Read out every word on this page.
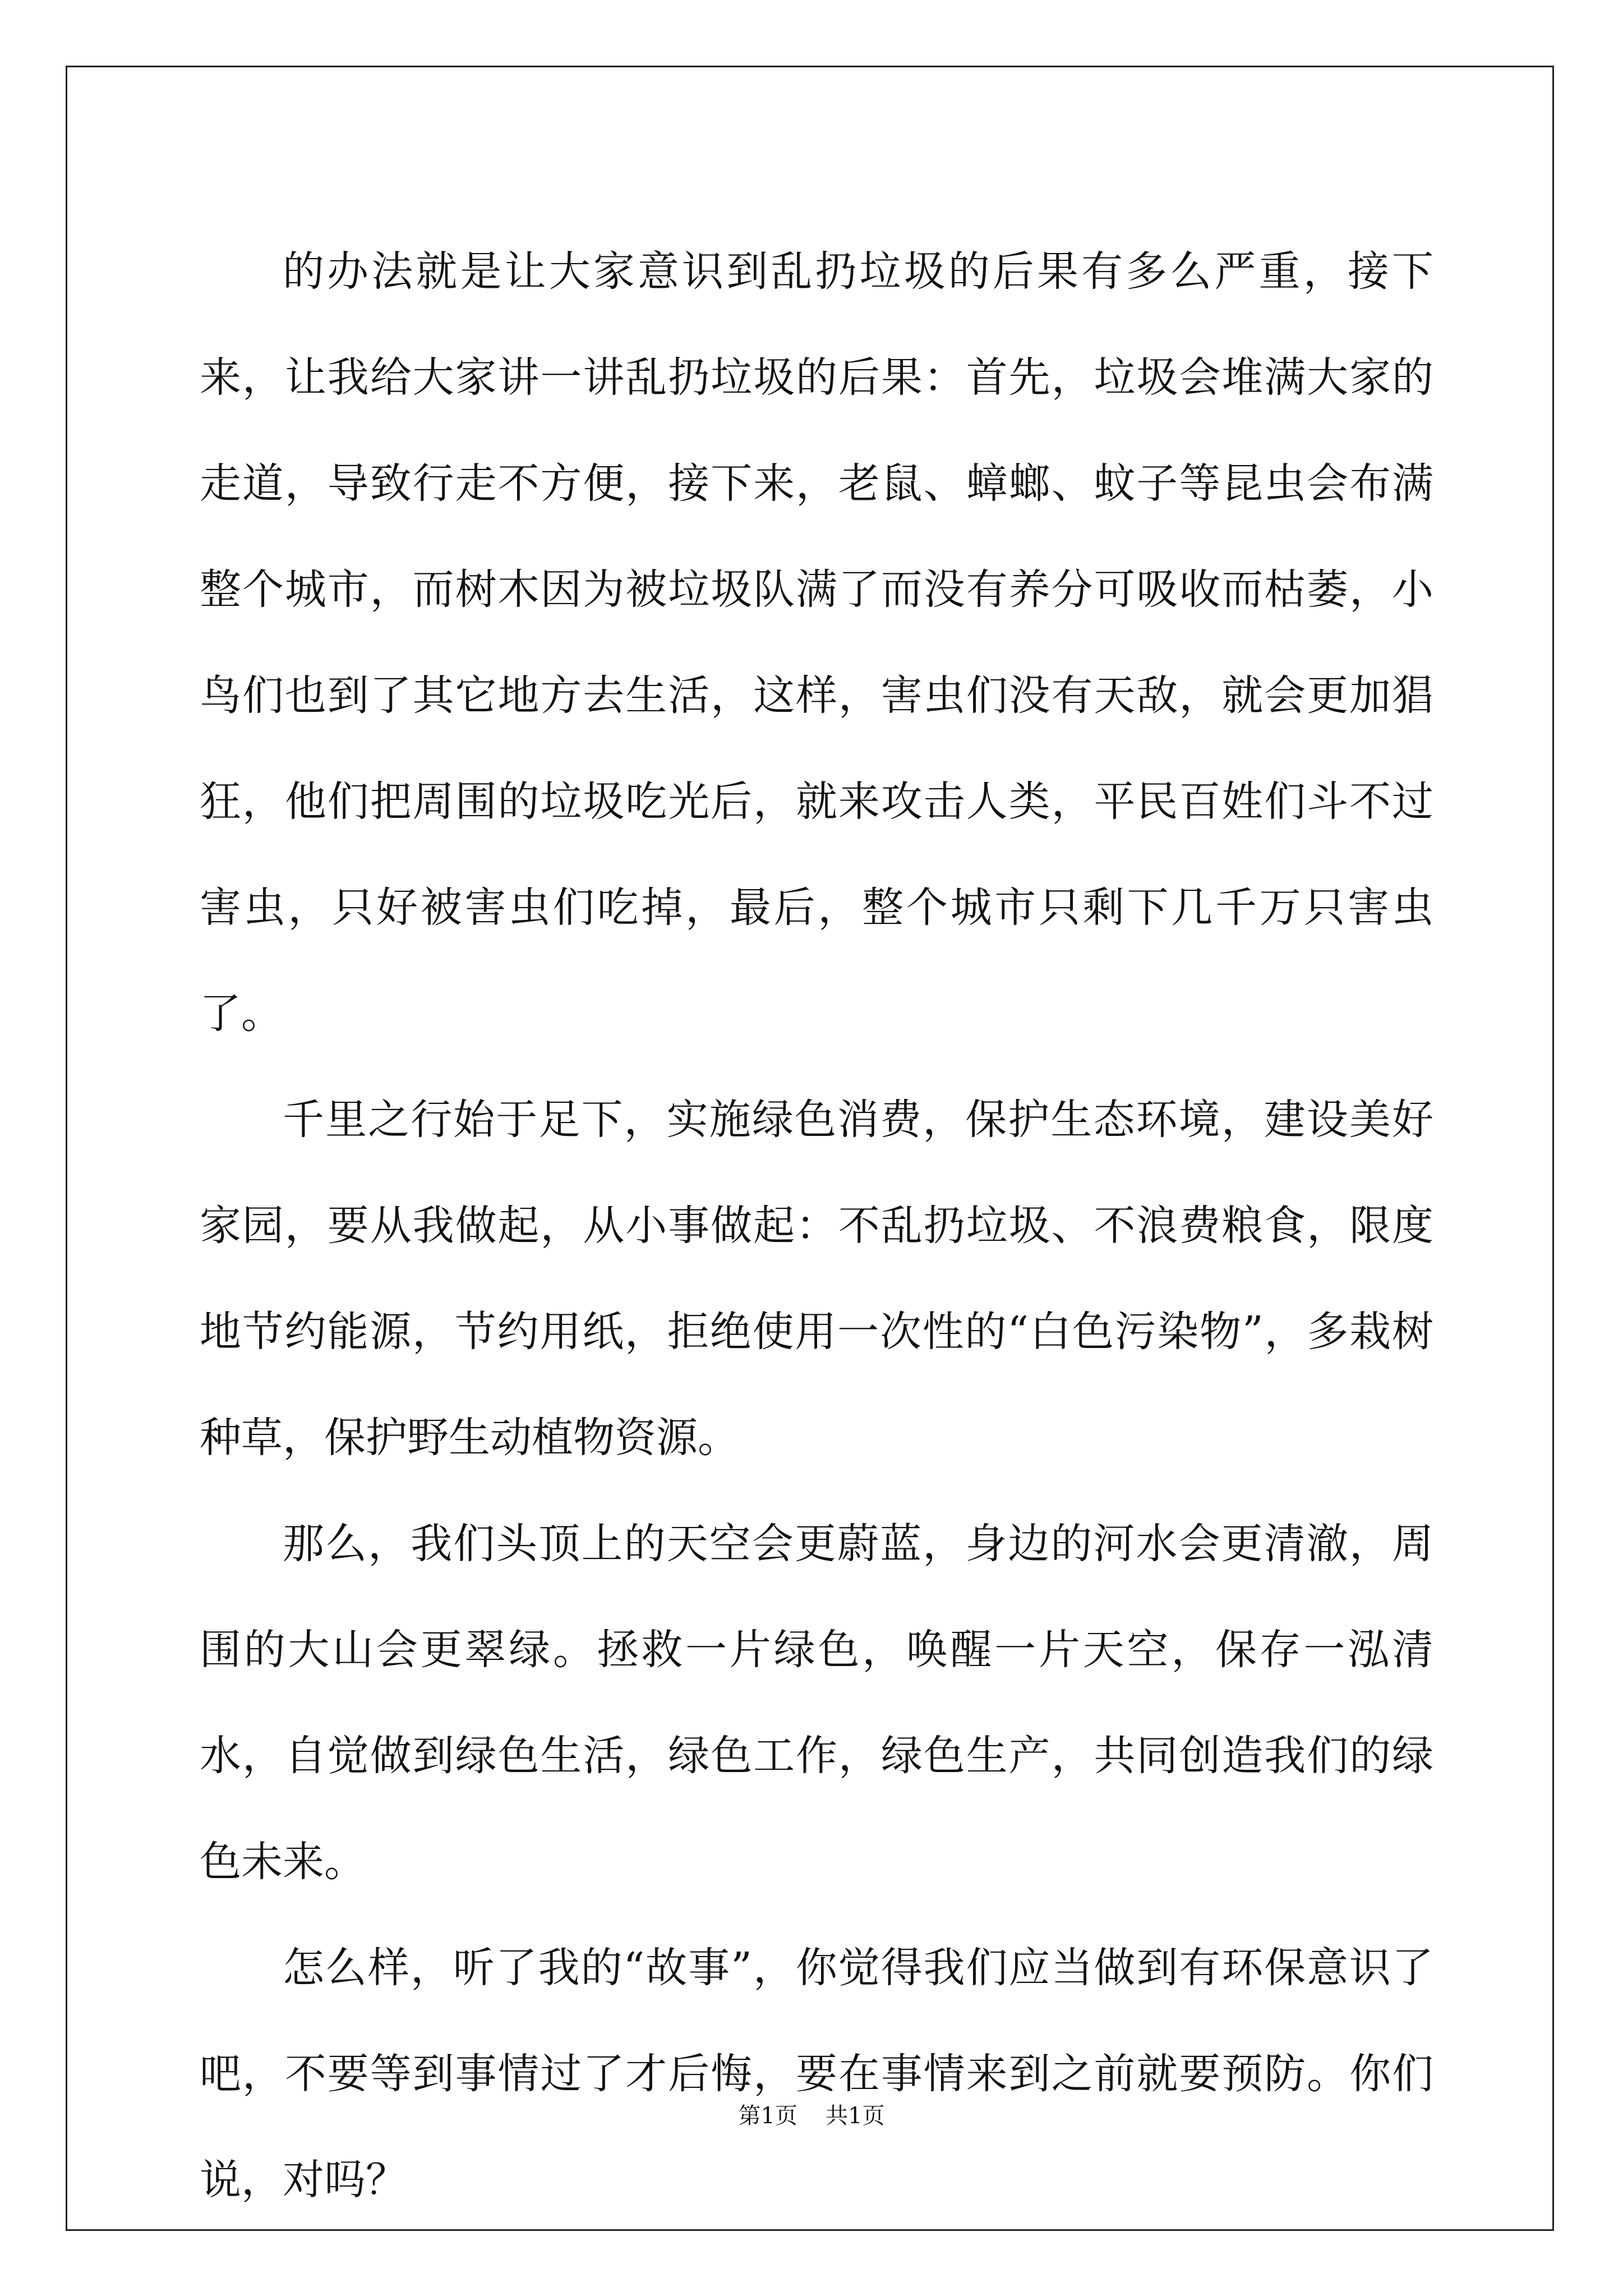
的办法就是让大家意识到乱扔垃圾的后果有多么严重，接下来，让我给大家讲一讲乱扔垃圾的后果：首先，垃圾会堆满大家的走道，导致行走不方便，接下来，老鼠、蟑螂、蚊子等昆虫会布满整个城市，而树木因为被垃圾队满了而没有养分可吸收而枯萎，小鸟们也到了其它地方去生活，这样，害虫们没有天敌，就会更加猖狂，他们把周围的垃圾吃光后，就来攻击人类，平民百姓们斗不过害虫，只好被害虫们吃掉，最后，整个城市只剩下几千万只害虫了。

千里之行始于足下，实施绿色消费，保护生态环境，建设美好家园，要从我做起，从小事做起：不乱扔垃圾、不浪费粮食，限度地节约能源，节约用纸，拒绝使用一次性的“白色污染物”，多栽树种草，保护野生动植物资源。

那么，我们头顶上的天空会更蔚蓝，身边的河水会更清澈，周围的大山会更翠绿。拯救一片绿色，唤醒一片天空，保存一泓清水，自觉做到绿色生活，绿色工作，绿色生产，共同创造我们的绿色未来。

怎么样，听了我的“故事”，你觉得我们应当做到有环保意识了吧，不要等到事情过了才后悔，要在事情来到之前就要预防。你们说，对吗？

第1页 共1页
